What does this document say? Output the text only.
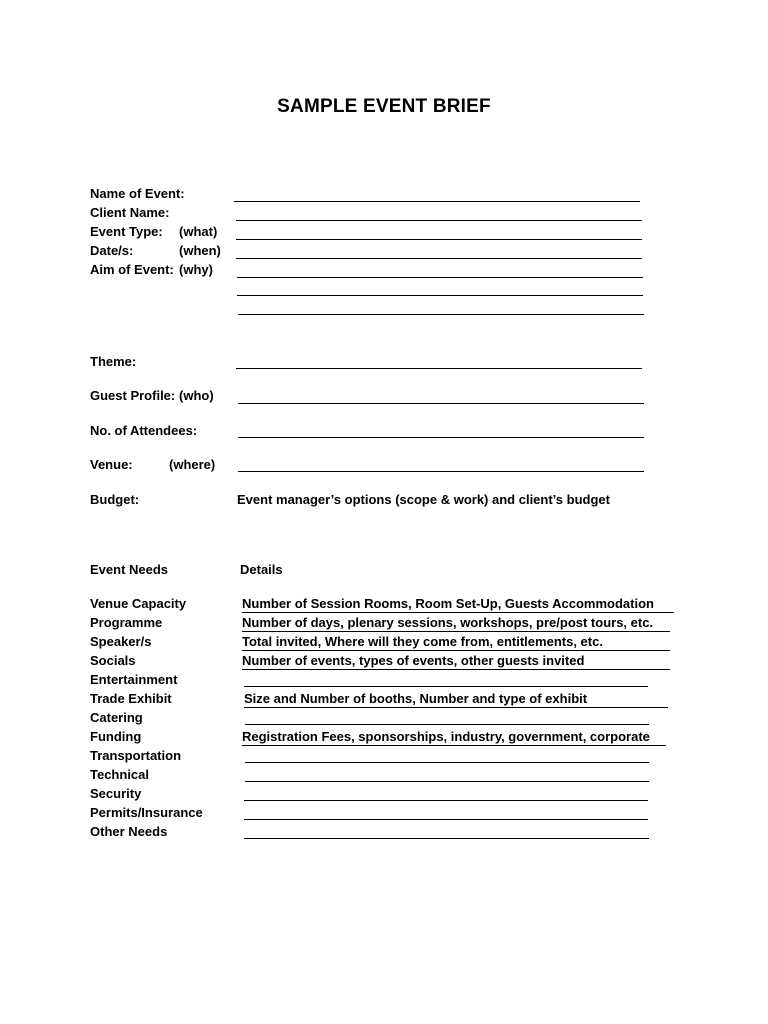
SAMPLE EVENT BRIEF
Name of Event:
Client Name:
Event Type: (what)
Date/s:	(when)
Aim of Event: (why)
Theme:
Guest Profile: (who)
No. of Attendees:
Venue:	(where)
Budget:	Event manager’s options (scope & work) and client’s budget
Event Needs	Details
Venue Capacity	Number of Session Rooms, Room Set-Up, Guests Accommodation
Programme	Number of days, plenary sessions, workshops, pre/post tours, etc.
Speaker/s	Total invited, Where will they come from, entitlements, etc.
Socials	Number of events, types of events, other guests invited
Entertainment
Trade Exhibit	Size and Number of booths, Number and type of exhibit
Catering
Funding	Registration Fees, sponsorships, industry, government, corporate
Transportation
Technical
Security
Permits/Insurance
Other Needs
